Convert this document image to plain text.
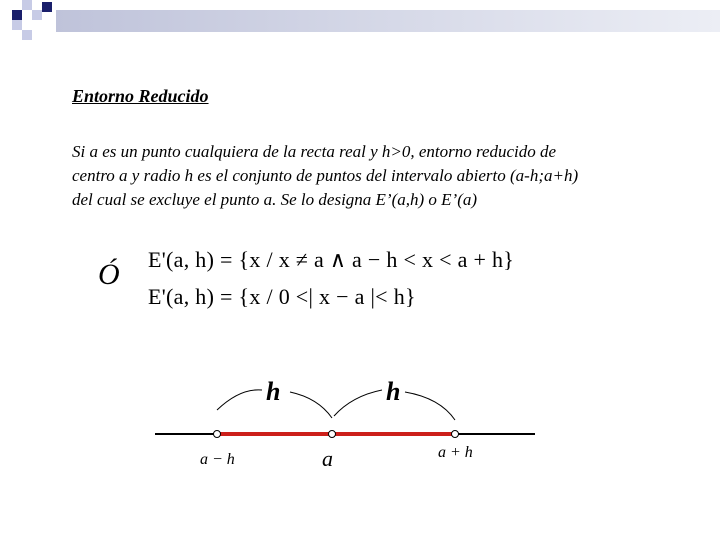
Entorno Reducido

Si a es un punto cualquiera de la recta real y h>0, entorno reducido de
centro a y radio h es el conjunto de puntos del intervalo abierto (a-h;a+h)
del cual se excluye el punto a. Se lo designa E’(a,h) o E’(a)

Ó E'(a, h) = {x / x ≠ a ∧ a − h < x < a + h}
E'(a, h) = {x / 0 <| x − a |< h}
h	h
a − h	a	a + h
